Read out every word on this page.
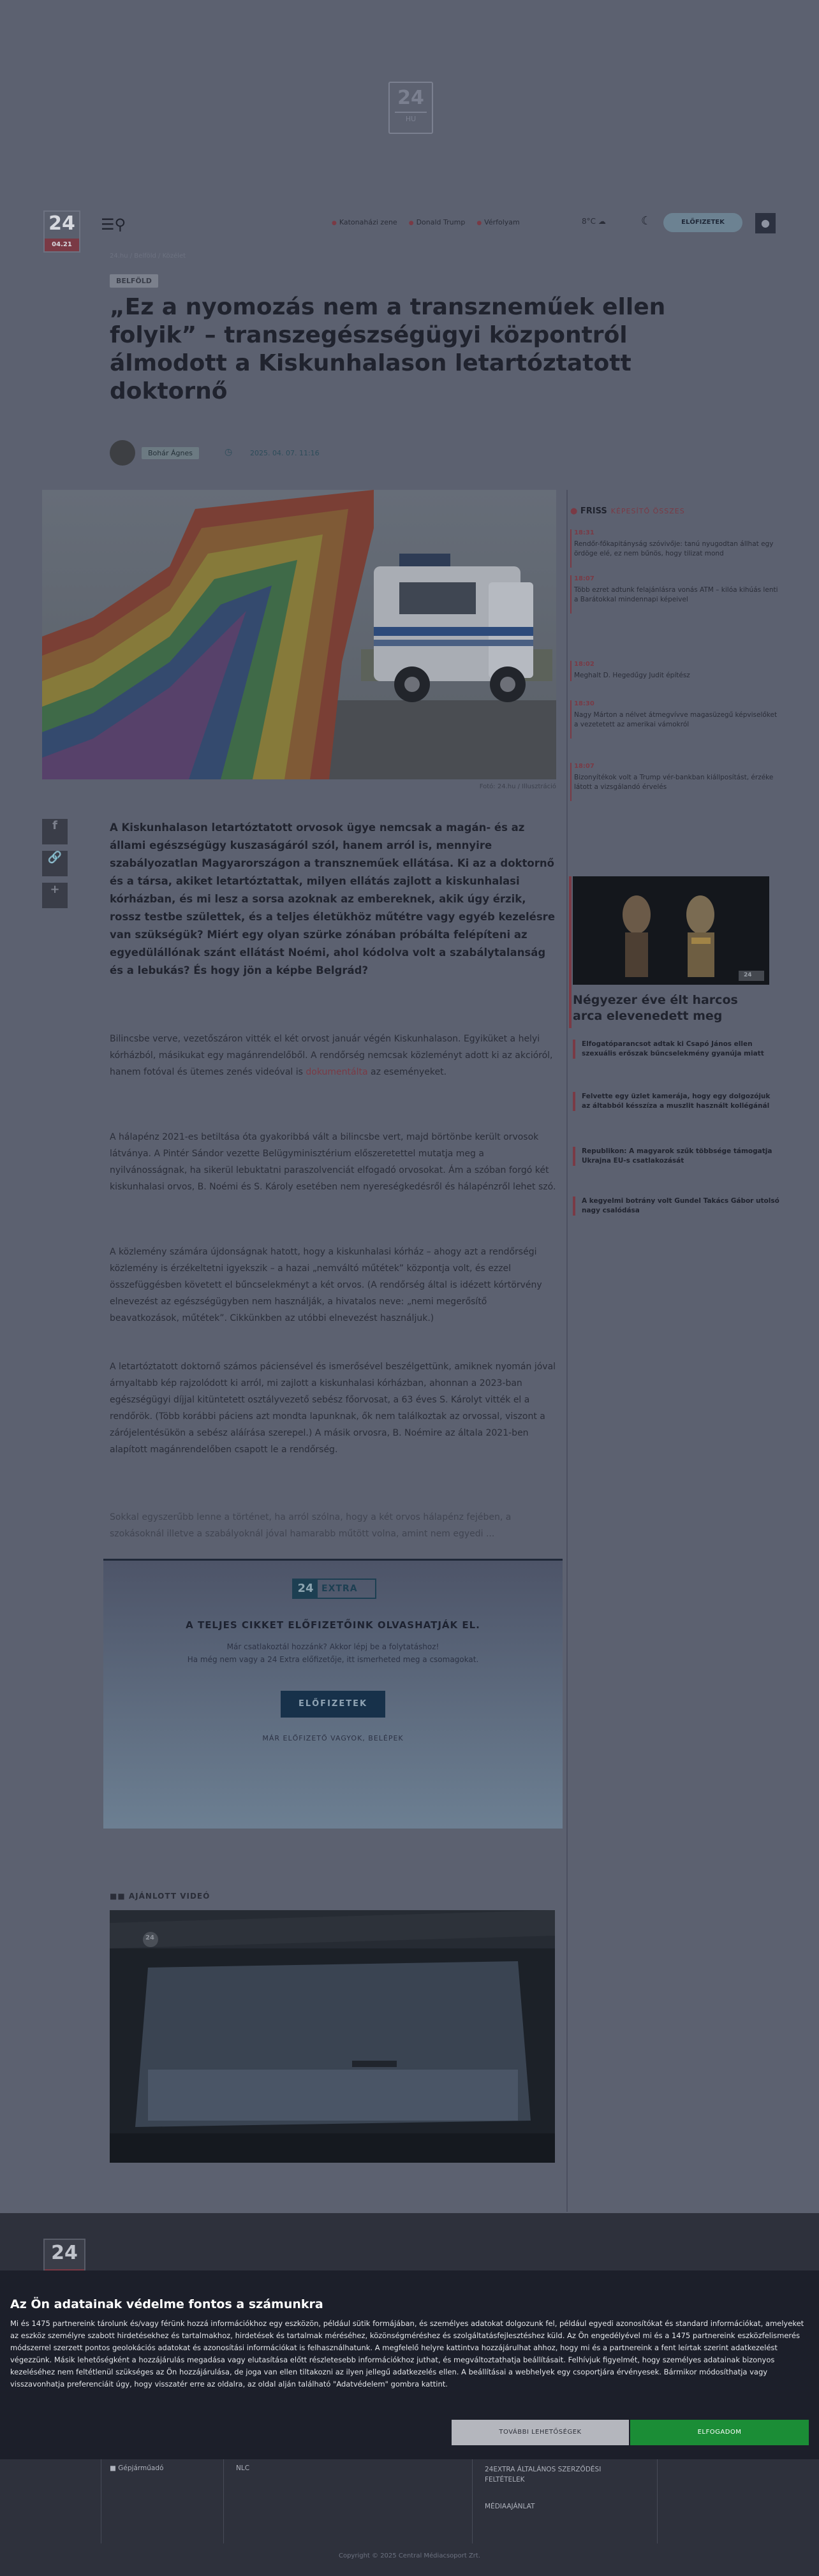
24
HU
24
04.21
☰⚲	● Katonaházi zene	● Donald Trump	● Vérfolyam	8°C ☁	☾	ELŐFIZETEK	●
24.hu / Belföld / Közélet
BELFÖLD
„Ez a nyomozás nem a transzneműek ellen folyik” – transzegészségügyi központról álmodott a Kiskunhalason letartóztatott doktornő
Bohár Ágnes	◷	2025. 04. 07. 11:16
Fotó: 24.hu / Illusztráció
f
🔗
+

A Kiskunhalason letartóztatott orvosok ügye nemcsak a magán- és az állami egészségügy kuszaságáról szól, hanem arról is, mennyire szabályozatlan Magyarországon a transzneműek ellátása. Ki az a doktornő és a társa, akiket letartóztattak, milyen ellátás zajlott a kiskunhalasi kórházban, és mi lesz a sorsa azoknak az embereknek, akik úgy érzik, rossz testbe születtek, és a teljes életükhöz műtétre vagy egyéb kezelésre van szükségük? Miért egy olyan szürke zónában próbálta felépíteni az egyedülállónak szánt ellátást Noémi, ahol kódolva volt a szabálytalanság és a lebukás? És hogy jön a képbe Belgrád?

Bilincsbe verve, vezetőszáron vitték el két orvost január végén Kiskunhalason. Egyiküket a helyi kórházból, másikukat egy magánrendelőből. A rendőrség nemcsak közleményt adott ki az akcióról, hanem fotóval és ütemes zenés videóval is dokumentálta az eseményeket.

A hálapénz 2021-es betiltása óta gyakoribbá vált a bilincsbe vert, majd börtönbe került orvosok látványa. A Pintér Sándor vezette Belügyminisztérium előszeretettel mutatja meg a nyilvánosságnak, ha sikerül lebuktatni paraszolvenciát elfogadó orvosokat. Ám a szóban forgó két kiskunhalasi orvos, B. Noémi és S. Károly esetében nem nyereségkedésről és hálapénzről lehet szó.

A közlemény számára újdonságnak hatott, hogy a kiskunhalasi kórház – ahogy azt a rendőrségi közlemény is érzékeltetni igyekszik – a hazai „nemváltó műtétek” központja volt, és ezzel összefüggésben követett el bűncselekményt a két orvos. (A rendőrség által is idézett kórtörvény elnevezést az egészségügyben nem használják, a hivatalos neve: „nemi megerősítő beavatkozások, műtétek”. Cikkünkben az utóbbi elnevezést használjuk.)

A letartóztatott doktornő számos páciensével és ismerősével beszélgettünk, amiknek nyomán jóval árnyaltabb kép rajzolódott ki arról, mi zajlott a kiskunhalasi kórházban, ahonnan a 2023-ban egészségügyi díjjal kitüntetett osztályvezető sebész főorvosat, a 63 éves S. Károlyt vitték el a rendőrök. (Több korábbi páciens azt mondta lapunknak, ők nem találkoztak az orvossal, viszont a zárójelentésükön a sebész aláírása szerepel.) A másik orvosra, B. Noémire az általa 2021-ben alapított magánrendelőben csapott le a rendőrség.

Sokkal egyszerűbb lenne a történet, ha arról szólna, hogy a két orvos hálapénz fejében, a szokásoknál illetve a szabályoknál jóval hamarabb műtött volna, amint nem egyedi ...

24 EXTRA
A TELJES CIKKET ELŐFIZETŐINK OLVASHATJÁK EL.
Már csatlakoztál hozzánk? Akkor lépj be a folytatáshoz!
Ha még nem vagy a 24 Extra előfizetője, itt ismerheted meg a csomagokat.
ELŐFIZETEK
MÁR ELŐFIZETŐ VAGYOK, BELÉPEK
■■ AJÁNLOTT VIDEÓ
24
● FRISS KÉPESÍTŐ ÖSSZES
18:31

Rendőr-főkapitányság szóvivője: tanú nyugodtan állhat egy ördöge elé, ez nem bűnös, hogy tilizat mond

18:07

Több ezret adtunk felajánlásra vonás ATM – kilóa kihúás lenti a Barátokkal mindennapi képeivel

18:02

Meghalt D. Hegedűgy Judit építész

18:30

Nagy Márton a nélvet átmegvívve magasüzegű képviselőket a vezetetett az amerikai vámokról

18:07

Bizonyítékok volt a Trump vér-bankban kiállposítást, érzéke látott a vizsgálandó érvelés

24
Négyezer éve élt harcos arca elevenedett meg

Elfogatóparancsot adtak ki Csapó János ellen szexuális erőszak bűncselekmény gyanúja miatt

Felvette egy üzlet kamerája, hogy egy dolgozójuk az áltabból késszíza a muszlit használt kollégánál

Republikon: A magyarok szűk többsége támogatja Ukrajna EU-s csatlakozását

A kegyelmi botrány volt Gundel Takács Gábor utolsó nagy csalódása

24
■ Gépjárműadó	NLC	24EXTRA ÁLTALÁNOS SZERZŐDÉSI FELTÉTELEK
MÉDIAAJÁNLAT
Copyright © 2025 Central Médiacsoport Zrt.
Az Ön adatainak védelme fontos a számunkra

Mi és 1475 partnereink tárolunk és/vagy férünk hozzá információkhoz egy eszközön, például sütik formájában, és személyes adatokat dolgozunk fel, például egyedi azonosítókat és standard információkat, amelyeket az eszköz személyre szabott hirdetésekhez és tartalmakhoz, hirdetések és tartalmak méréséhez, közönségméréshez és szolgáltatásfejlesztéshez küld. Az Ön engedélyével mi és a 1475 partnereink eszközfelismerés módszerrel szerzett pontos geolokációs adatokat és azonosítási információkat is felhasználhatunk. A megfelelő helyre kattintva hozzájárulhat ahhoz, hogy mi és a partnereink a fent leírtak szerint adatkezelést végezzünk. Másik lehetőségként a hozzájárulás megadása vagy elutasítása előtt részletesebb információkhoz juthat, és megváltoztathatja beállításait. Felhívjuk figyelmét, hogy személyes adatainak bizonyos kezeléséhez nem feltétlenül szükséges az Ön hozzájárulása, de joga van ellen tiltakozni az ilyen jellegű adatkezelés ellen. A beállításai a webhelyek egy csoportjára érvényesek. Bármikor módosíthatja vagy visszavonhatja preferenciáit úgy, hogy visszatér erre az oldalra, az oldal alján található "Adatvédelem" gombra kattint.

TOVÁBBI LEHETŐSÉGEK	ELFOGADOM
